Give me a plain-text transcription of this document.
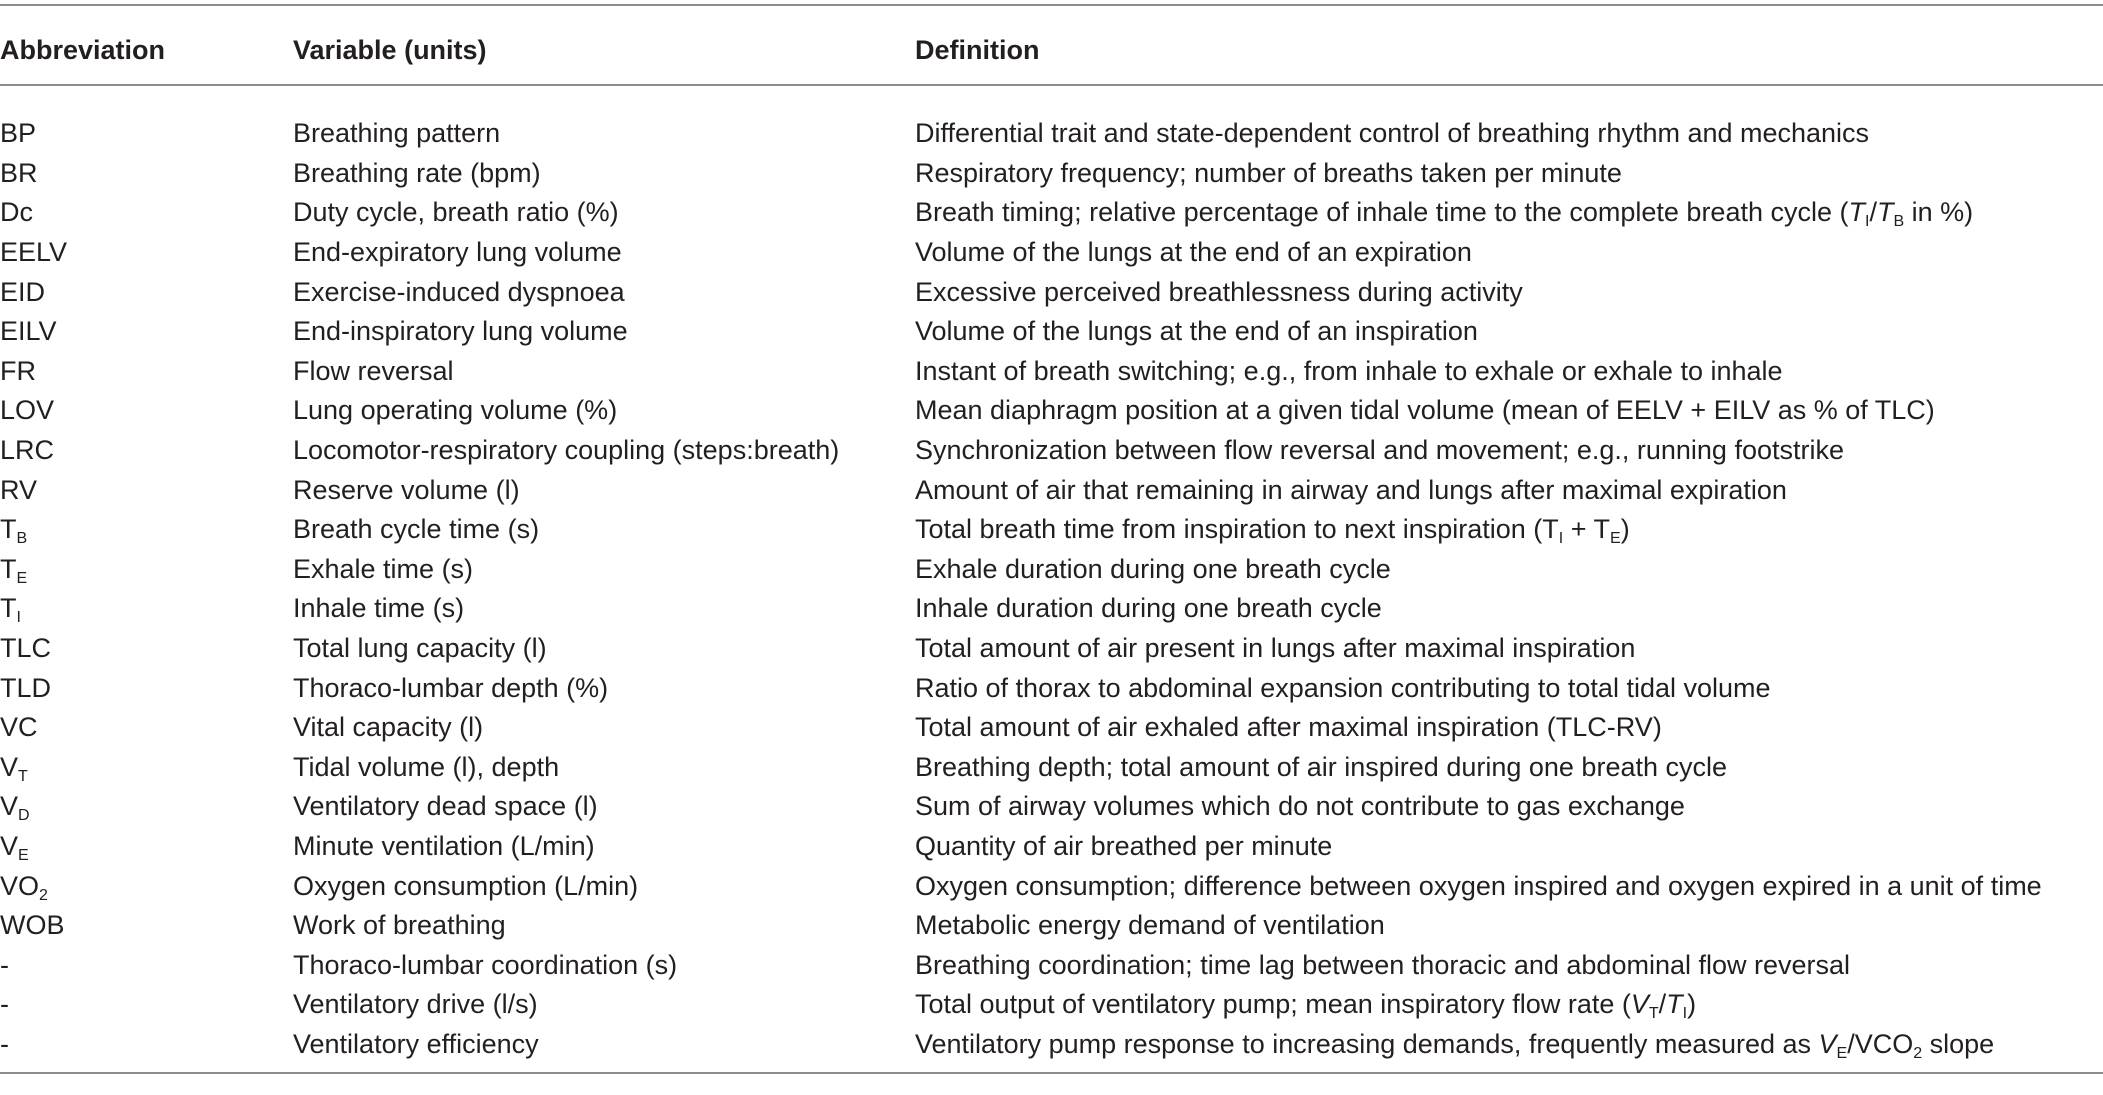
Abbreviation	Variable (units)	Definition
BP	Breathing pattern	Differential trait and state-dependent control of breathing rhythm and mechanics
BR	Breathing rate (bpm)	Respiratory frequency; number of breaths taken per minute
Dc	Duty cycle, breath ratio (%)	Breath timing; relative percentage of inhale time to the complete breath cycle ($T_I/T_B$ in %)
EELV	End-expiratory lung volume	Volume of the lungs at the end of an expiration
EID	Exercise-induced dyspnoea	Excessive perceived breathlessness during activity
EILV	End-inspiratory lung volume	Volume of the lungs at the end of an inspiration
FR	Flow reversal	Instant of breath switching; e.g., from inhale to exhale or exhale to inhale
LOV	Lung operating volume (%)	Mean diaphragm position at a given tidal volume (mean of EELV + EILV as % of TLC)
LRC	Locomotor-respiratory coupling (steps:breath)	Synchronization between flow reversal and movement; e.g., running footstrike
RV	Reserve volume (l)	Amount of air that remaining in airway and lungs after maximal expiration
$T_B$	Breath cycle time (s)	Total breath time from inspiration to next inspiration $(T_I + T_E)$
$T_E$	Exhale time (s)	Exhale duration during one breath cycle
$T_I$	Inhale time (s)	Inhale duration during one breath cycle
TLC	Total lung capacity (l)	Total amount of air present in lungs after maximal inspiration
TLD	Thoraco-lumbar depth (%)	Ratio of thorax to abdominal expansion contributing to total tidal volume
VC	Vital capacity (l)	Total amount of air exhaled after maximal inspiration (TLC-RV)
$V_T$	Tidal volume (l), depth	Breathing depth; total amount of air inspired during one breath cycle
$V_D$	Ventilatory dead space (l)	Sum of airway volumes which do not contribute to gas exchange
$V_E$	Minute ventilation (L/min)	Quantity of air breathed per minute
$VO_2$	Oxygen consumption (L/min)	Oxygen consumption; difference between oxygen inspired and oxygen expired in a unit of time
WOB	Work of breathing	Metabolic energy demand of ventilation
-	Thoraco-lumbar coordination (s)	Breathing coordination; time lag between thoracic and abdominal flow reversal
-	Ventilatory drive (l/s)	Total output of ventilatory pump; mean inspiratory flow rate $(V_T/T_I)$
-	Ventilatory efficiency	Ventilatory pump response to increasing demands, frequently measured as $V_E/VCO_2$ slope
